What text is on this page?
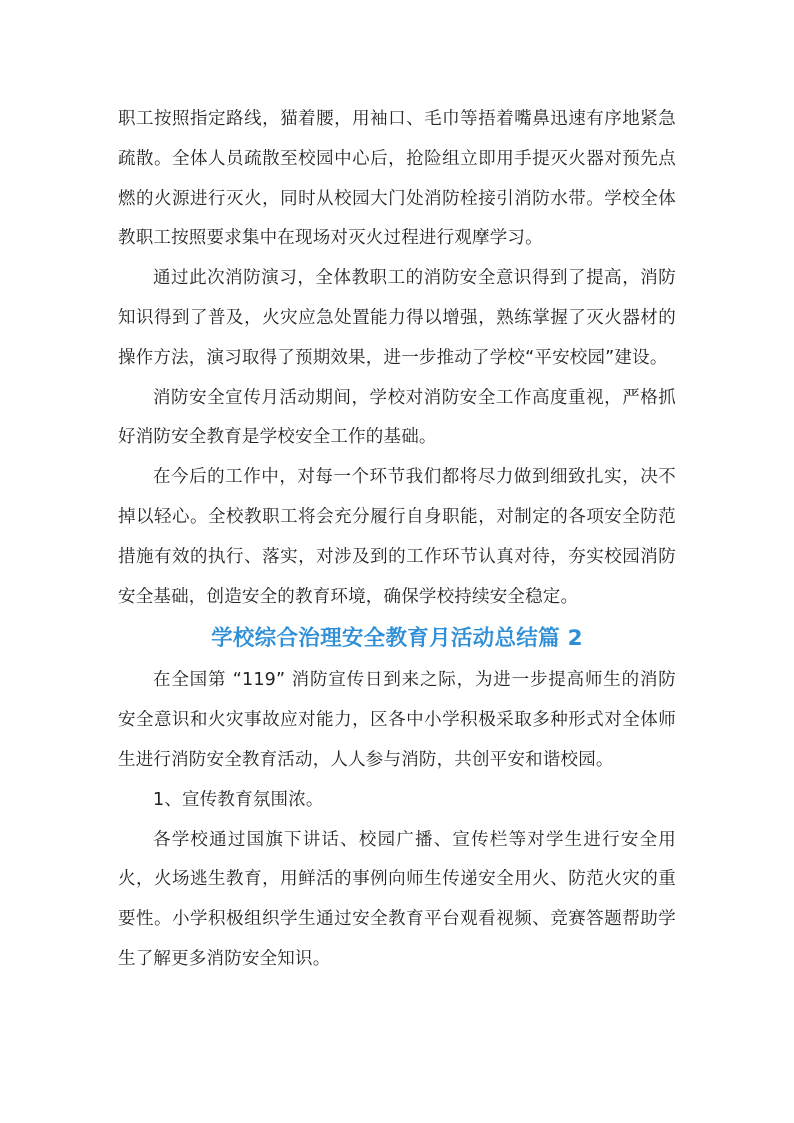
职工按照指定路线，猫着腰，用袖口、毛巾等捂着嘴鼻迅速有序地紧急疏散。全体人员疏散至校园中心后，抢险组立即用手提灭火器对预先点燃的火源进行灭火，同时从校园大门处消防栓接引消防水带。学校全体教职工按照要求集中在现场对灭火过程进行观摩学习。

通过此次消防演习，全体教职工的消防安全意识得到了提高，消防知识得到了普及，火灾应急处置能力得以增强，熟练掌握了灭火器材的操作方法，演习取得了预期效果，进一步推动了学校“平安校园”建设。

消防安全宣传月活动期间，学校对消防安全工作高度重视，严格抓好消防安全教育是学校安全工作的基础。

在今后的工作中，对每一个环节我们都将尽力做到细致扎实，决不掉以轻心。全校教职工将会充分履行自身职能，对制定的各项安全防范措施有效的执行、落实，对涉及到的工作环节认真对待，夯实校园消防安全基础，创造安全的教育环境，确保学校持续安全稳定。

学校综合治理安全教育月活动总结篇 2

在全国第 “119” 消防宣传日到来之际，为进一步提高师生的消防安全意识和火灾事故应对能力，区各中小学积极采取多种形式对全体师生进行消防安全教育活动，人人参与消防，共创平安和谐校园。

1、宣传教育氛围浓。

各学校通过国旗下讲话、校园广播、宣传栏等对学生进行安全用火，火场逃生教育，用鲜活的事例向师生传递安全用火、防范火灾的重要性。小学积极组织学生通过安全教育平台观看视频、竞赛答题帮助学生了解更多消防安全知识。
